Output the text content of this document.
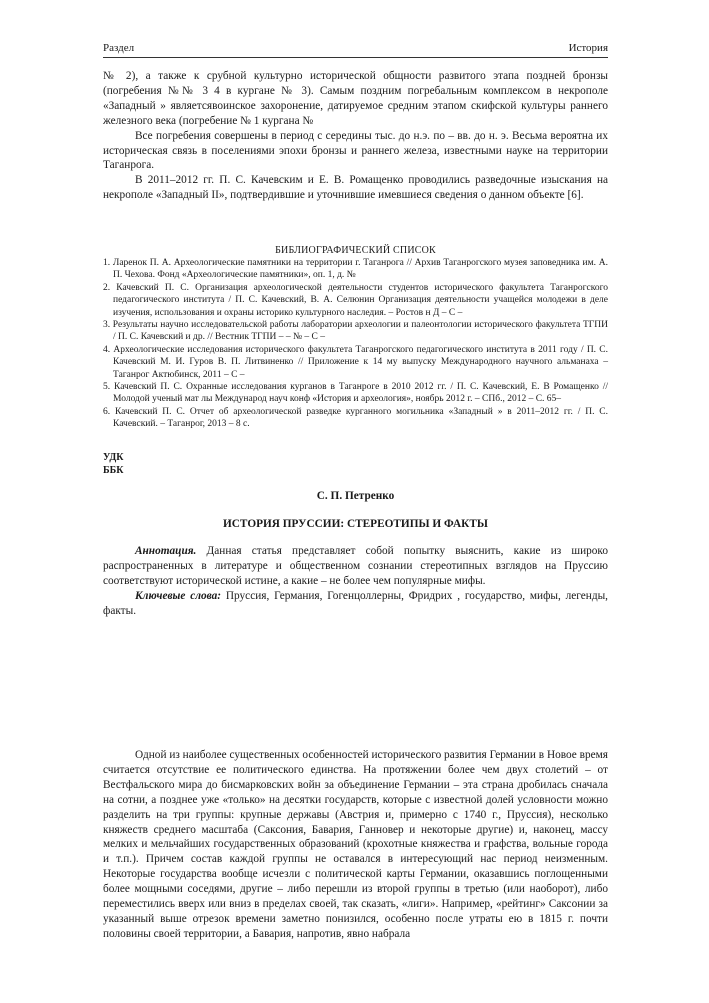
Раздел	История

№ 2), а также к срубной культурно исторической общности развитого этапа поздней бронзы (погребения №№ 3 4 в кургане № 3). Самым поздним погребальным комплексом в некрополе «Западный » являетсявоинское захоронение, датируемое средним этапом скифской культуры раннего железного века (погребение № 1 кургана №

Все погребения совершены в период с середины тыс. до н.э. по – вв. до н. э. Весьма вероятна их историческая связь в поселениями эпохи бронзы и раннего железа, известными науке на территории Таганрога.

В 2011–2012 гг. П. С. Качевским и Е. В. Ромащенко проводились разведочные изыскания на некрополе «Западный II», подтвердившие и уточнившие имевшиеся сведения о данном объекте [6].

БИБЛИОГРАФИЧЕСКИЙ СПИСОК

1. Ларенок П. А. Археологические памятники на территории г. Таганрога // Архив Таганрогского музея заповедника им. А. П. Чехова. Фонд «Археологические памятники», оп. 1, д. №

2. Качевский П. С. Организация археологической деятельности студентов исторического факультета Таганрогского педагогического института / П. С. Качевский, В. А. Селюнин Организация деятельности учащейся молодежи в деле изучения, использования и охраны историко культурного наследия. – Ростов н Д – С –

3. Результаты научно исследовательской работы лаборатории археологии и палеонтологии исторического факультета ТГПИ / П. С. Качевский и др. // Вестник ТГПИ – – № – С –

4. Археологические исследования исторического факультета Таганрогского педагогического института в 2011 году / П. С. Качевский М. И. Гуров В. П. Литвиненко // Приложение к 14 му выпуску Международного научного альманаха – Таганрог Актюбинск, 2011 – С –

5. Качевский П. С. Охранные исследования курганов в Таганроге в 2010 2012 гг. / П. С. Качевский, Е. В Ромащенко // Молодой ученый мат лы Международ науч конф «История и археология», ноябрь 2012 г. – СПб., 2012 – С. 65–

6. Качевский П. С. Отчет об археологической разведке курганного могильника «Западный » в 2011–2012 гг. / П. С. Качевский. – Таганрог, 2013 – 8 с.

УДК

ББК

С. П. Петренко

ИСТОРИЯ ПРУССИИ: СТЕРЕОТИПЫ И ФАКТЫ

Аннотация. Данная статья представляет собой попытку выяснить, какие из широко распространенных в литературе и общественном сознании стереотипных взглядов на Пруссию соответствуют исторической истине, а какие – не более чем популярные мифы.

Ключевые слова: Пруссия, Германия, Гогенцоллерны, Фридрих , государство, мифы, легенды, факты.

Одной из наиболее существенных особенностей исторического развития Германии в Новое время считается отсутствие ее политического единства. На протяжении более чем двух столетий – от Вестфальского мира до бисмарковских войн за объединение Германии – эта страна дробилась сначала на сотни, а позднее уже «только» на десятки государств, которые с известной долей условности можно разделить на три группы: крупные державы (Австрия и, примерно с 1740 г., Пруссия), несколько княжеств среднего масштаба (Саксония, Бавария, Ганновер и некоторые другие) и, наконец, массу мелких и мельчайших государственных образований (крохотные княжества и графства, вольные города и т.п.). Причем состав каждой группы не оставался в интересующий нас период неизменным. Некоторые государства вообще исчезли с политической карты Германии, оказавшись поглощенными более мощными соседями, другие – либо перешли из второй группы в третью (или наоборот), либо переместились вверх или вниз в пределах своей, так сказать, «лиги». Например, «рейтинг» Саксонии за указанный выше отрезок времени заметно понизился, особенно после утраты ею в 1815 г. почти половины своей территории, а Бавария, напротив, явно набрала
